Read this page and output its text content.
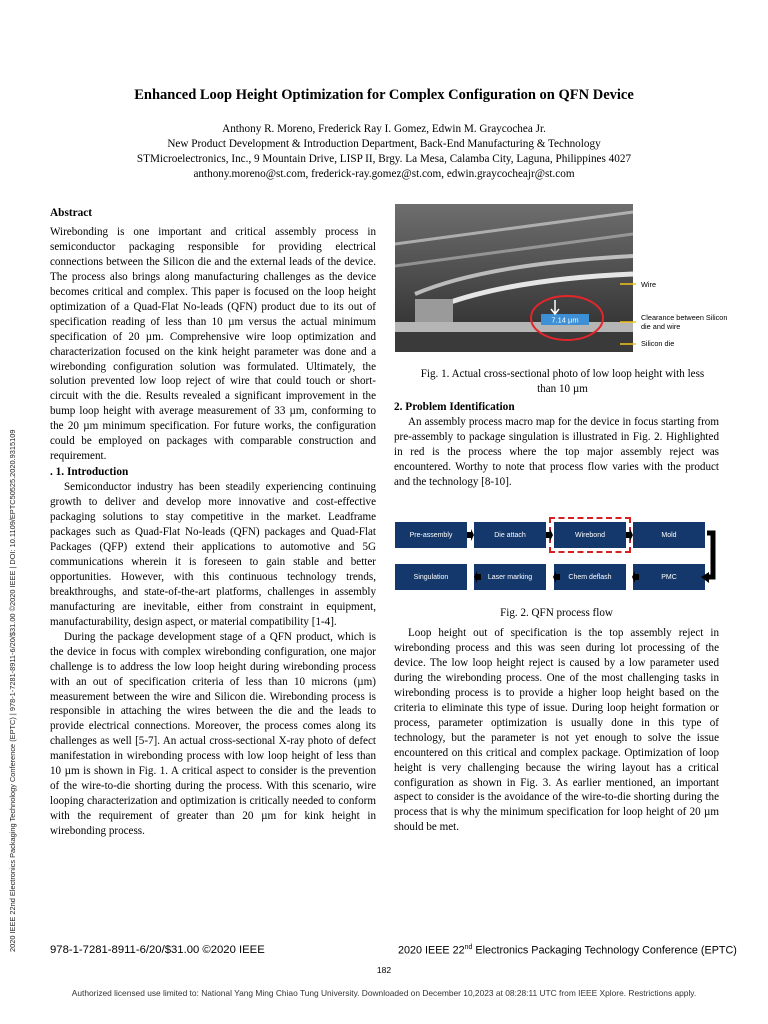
Enhanced Loop Height Optimization for Complex Configuration on QFN Device
Anthony R. Moreno, Frederick Ray I. Gomez, Edwin M. Graycochea Jr.
New Product Development & Introduction Department, Back-End Manufacturing & Technology
STMicroelectronics, Inc., 9 Mountain Drive, LISP II, Brgy. La Mesa, Calamba City, Laguna, Philippines 4027
anthony.moreno@st.com, frederick-ray.gomez@st.com, edwin.graycocheajr@st.com
Abstract

Wirebonding is one important and critical assembly process in semiconductor packaging responsible for providing electrical connections between the Silicon die and the external leads of the device. The process also brings along manufacturing challenges as the device becomes critical and complex. This paper is focused on the loop height optimization of a Quad-Flat No-leads (QFN) product due to its out of specification reading of less than 10 µm versus the actual minimum specification of 20 µm. Comprehensive wire loop optimization and characterization focused on the kink height parameter was done and a wirebonding configuration solution was formulated. Ultimately, the solution prevented low loop reject of wire that could touch or short-circuit with the die. Results revealed a significant improvement in the bump loop height with average measurement of 33 µm, conforming to the 20 µm minimum specification. For future works, the configuration could be employed on packages with comparable construction and requirement.

. 1. Introduction

Semiconductor industry has been steadily experiencing continuing growth to deliver and develop more innovative and cost-effective packaging solutions to stay competitive in the market. Leadframe packages such as Quad-Flat No-leads (QFN) packages and Quad-Flat Packages (QFP) extend their applications to automotive and 5G communications wherein it is foreseen to gain stable and better opportunities. However, with this continuous technology trends, breakthroughs, and state-of-the-art platforms, challenges in assembly manufacturing are inevitable, either from constraint in equipment, manufacturability, design aspect, or material compatibility [1-4].

During the package development stage of a QFN product, which is the device in focus with complex wirebonding configuration, one major challenge is to address the low loop height during wirebonding process with an out of specification criteria of less than 10 microns (µm) measurement between the wire and Silicon die. Wirebonding process is responsible in attaching the wires between the die and the leads to provide electrical connections. Moreover, the process comes along its challenges as well [5-7]. An actual cross-sectional X-ray photo of defect manifestation in wirebonding process with low loop height of less than 10 µm is shown in Fig. 1. A critical aspect to consider is the prevention of the wire-to-die shorting during the process. With this scenario, wire looping characterization and optimization is critically needed to conform with the requirement of greater than 20 µm for kink height in wirebonding process.

7.14 µm
Wire
Clearance between Silicon die and wire
Silicon die
Fig. 1. Actual cross-sectional photo of low loop height with less than 10 µm
2. Problem Identification

An assembly process macro map for the device in focus starting from pre-assembly to package singulation is illustrated in Fig. 2. Highlighted in red is the process where the top major assembly reject was encountered. Worthy to note that process flow varies with the product and the technology [8-10].

Pre-assembly	Die attach	Wirebond	Mold
Singulation	Laser marking	Chem deflash	PMC
Fig. 2. QFN process flow

Loop height out of specification is the top assembly reject in wirebonding process and this was seen during lot processing of the device. The low loop height reject is caused by a low parameter used during the wirebonding process. One of the most challenging tasks in wirebonding process is to provide a higher loop height based on the criteria to eliminate this type of issue. During loop height formation or process, parameter optimization is usually done in this type of technology, but the parameter is not yet enough to solve the issue encountered on this critical and complex package. Optimization of loop height is very challenging because the wiring layout has a critical configuration as shown in Fig. 3. As earlier mentioned, an important aspect to consider is the avoidance of the wire-to-die shorting during the process that is why the minimum specification for loop height of 20 µm should be met.

978-1-7281-8911-6/20/$31.00 ©2020 IEEE	2020 IEEE 22nd Electronics Packaging Technology Conference (EPTC)
182
Authorized licensed use limited to: National Yang Ming Chiao Tung University. Downloaded on December 10,2023 at 08:28:11 UTC from IEEE Xplore. Restrictions apply.
2020 IEEE 22nd Electronics Packaging Technology Conference (EPTC) | 978-1-7281-8911-6/20/$31.00 ©2020 IEEE | DOI: 10.1109/EPTC50525.2020.9315109
